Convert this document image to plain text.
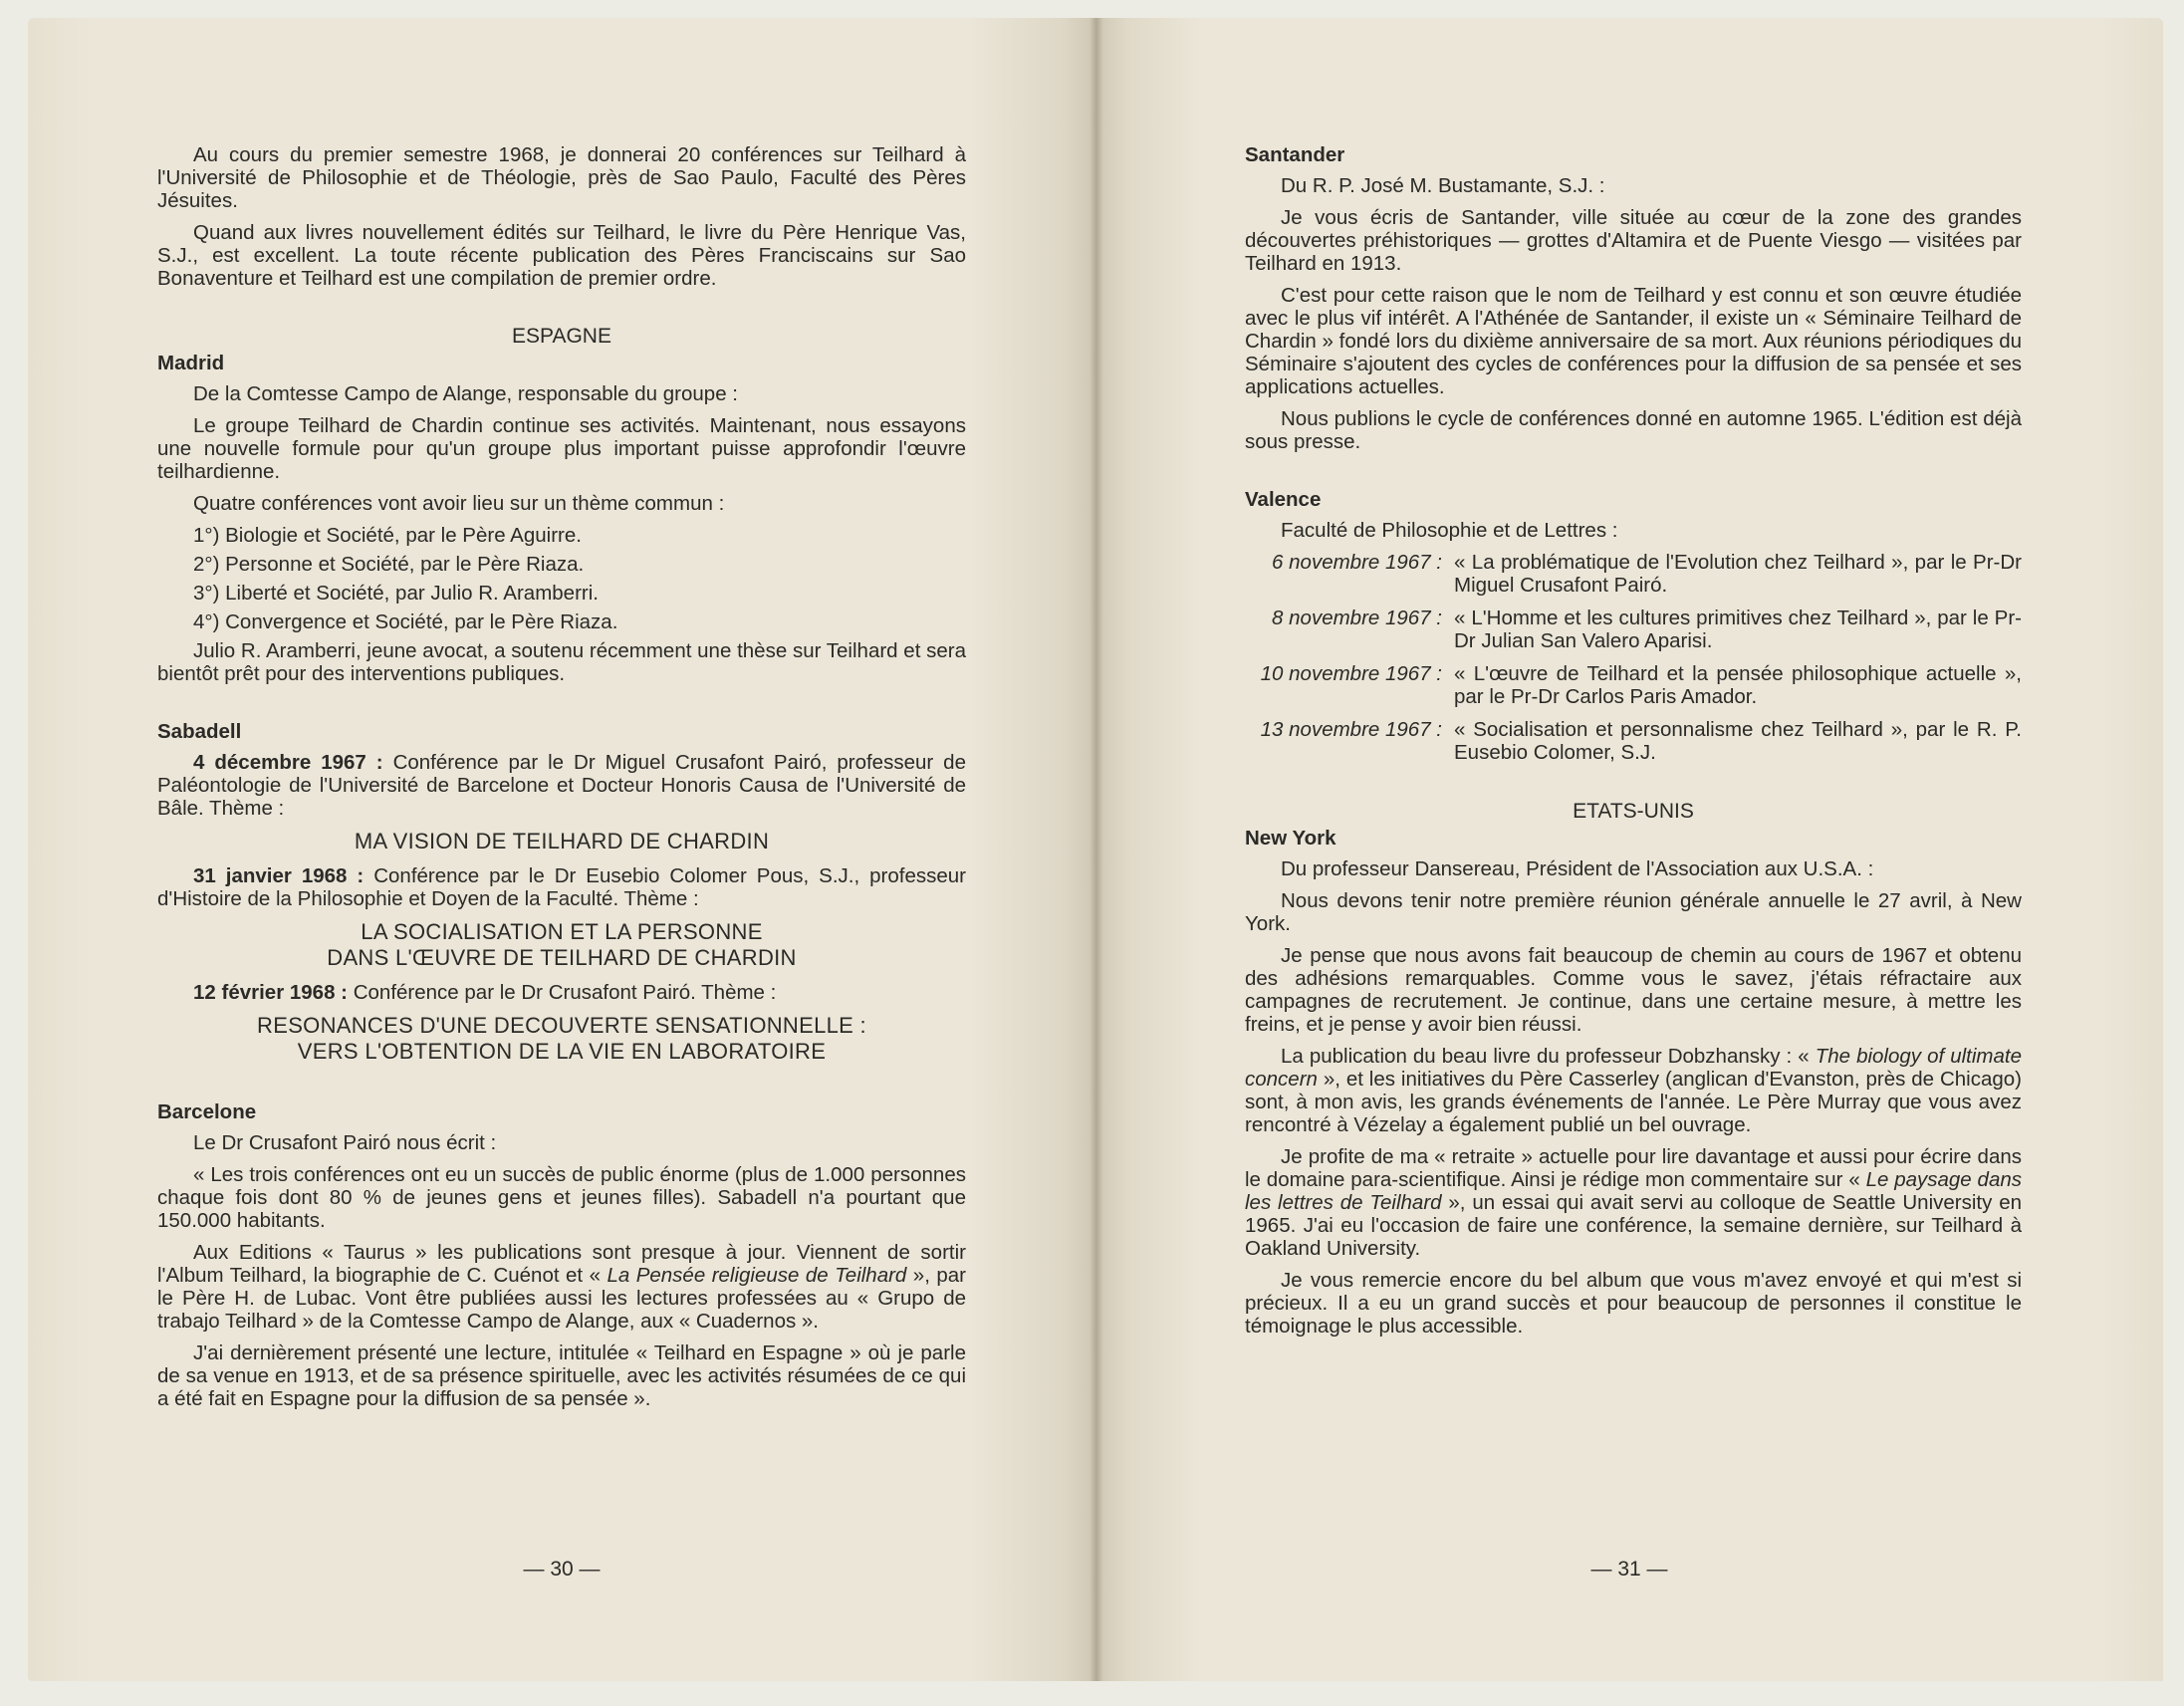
Au cours du premier semestre 1968, je donnerai 20 conférences sur Teilhard à l'Université de Philosophie et de Théologie, près de Sao Paulo, Faculté des Pères Jésuites.

Quand aux livres nouvellement édités sur Teilhard, le livre du Père Henrique Vas, S.J., est excellent. La toute récente publication des Pères Franciscains sur Sao Bonaventure et Teilhard est une compilation de premier ordre.

ESPAGNE
Madrid

De la Comtesse Campo de Alange, responsable du groupe :

Le groupe Teilhard de Chardin continue ses activités. Maintenant, nous essayons une nouvelle formule pour qu'un groupe plus important puisse approfondir l'œuvre teilhardienne.

Quatre conférences vont avoir lieu sur un thème commun :

1°) Biologie et Société, par le Père Aguirre.

2°) Personne et Société, par le Père Riaza.

3°) Liberté et Société, par Julio R. Aramberri.

4°) Convergence et Société, par le Père Riaza.

Julio R. Aramberri, jeune avocat, a soutenu récemment une thèse sur Teilhard et sera bientôt prêt pour des interventions publiques.

Sabadell

4 décembre 1967 : Conférence par le Dr Miguel Crusafont Pairó, professeur de Paléontologie de l'Université de Barcelone et Docteur Honoris Causa de l'Université de Bâle. Thème :

MA VISION DE TEILHARD DE CHARDIN

31 janvier 1968 : Conférence par le Dr Eusebio Colomer Pous, S.J., professeur d'Histoire de la Philosophie et Doyen de la Faculté. Thème :

LA SOCIALISATION ET LA PERSONNE
DANS L'ŒUVRE DE TEILHARD DE CHARDIN

12 février 1968 : Conférence par le Dr Crusafont Pairó. Thème :

RESONANCES D'UNE DECOUVERTE SENSATIONNELLE :
VERS L'OBTENTION DE LA VIE EN LABORATOIRE
Barcelone

Le Dr Crusafont Pairó nous écrit :

« Les trois conférences ont eu un succès de public énorme (plus de 1.000 personnes chaque fois dont 80 % de jeunes gens et jeunes filles). Sabadell n'a pourtant que 150.000 habitants.

Aux Editions « Taurus » les publications sont presque à jour. Viennent de sortir l'Album Teilhard, la biographie de C. Cuénot et « La Pensée religieuse de Teilhard », par le Père H. de Lubac. Vont être publiées aussi les lectures professées au « Grupo de trabajo Teilhard » de la Comtesse Campo de Alange, aux « Cuadernos ».

J'ai dernièrement présenté une lecture, intitulée « Teilhard en Espagne » où je parle de sa venue en 1913, et de sa présence spirituelle, avec les activités résumées de ce qui a été fait en Espagne pour la diffusion de sa pensée ».

— 30 —
Santander

Du R. P. José M. Bustamante, S.J. :

Je vous écris de Santander, ville située au cœur de la zone des grandes découvertes préhistoriques — grottes d'Altamira et de Puente Viesgo — visitées par Teilhard en 1913.

C'est pour cette raison que le nom de Teilhard y est connu et son œuvre étudiée avec le plus vif intérêt. A l'Athénée de Santander, il existe un « Séminaire Teilhard de Chardin » fondé lors du dixième anniversaire de sa mort. Aux réunions périodiques du Séminaire s'ajoutent des cycles de conférences pour la diffusion de sa pensée et ses applications actuelles.

Nous publions le cycle de conférences donné en automne 1965. L'édition est déjà sous presse.

Valence

Faculté de Philosophie et de Lettres :

6 novembre 1967 : « La problématique de l'Evolution chez Teilhard », par le Pr-Dr Miguel Crusafont Pairó.
8 novembre 1967 : « L'Homme et les cultures primitives chez Teilhard », par le Pr-Dr Julian San Valero Aparisi.
10 novembre 1967 : « L'œuvre de Teilhard et la pensée philosophique actuelle », par le Pr-Dr Carlos Paris Amador.
13 novembre 1967 : « Socialisation et personnalisme chez Teilhard », par le R. P. Eusebio Colomer, S.J.
ETATS-UNIS
New York

Du professeur Dansereau, Président de l'Association aux U.S.A. :

Nous devons tenir notre première réunion générale annuelle le 27 avril, à New York.

Je pense que nous avons fait beaucoup de chemin au cours de 1967 et obtenu des adhésions remarquables. Comme vous le savez, j'étais réfractaire aux campagnes de recrutement. Je continue, dans une certaine mesure, à mettre les freins, et je pense y avoir bien réussi.

La publication du beau livre du professeur Dobzhansky : « The biology of ultimate concern », et les initiatives du Père Casserley (anglican d'Evanston, près de Chicago) sont, à mon avis, les grands événements de l'année. Le Père Murray que vous avez rencontré à Vézelay a également publié un bel ouvrage.

Je profite de ma « retraite » actuelle pour lire davantage et aussi pour écrire dans le domaine para-scientifique. Ainsi je rédige mon commentaire sur « Le paysage dans les lettres de Teilhard », un essai qui avait servi au colloque de Seattle University en 1965. J'ai eu l'occasion de faire une conférence, la semaine dernière, sur Teilhard à Oakland University.

Je vous remercie encore du bel album que vous m'avez envoyé et qui m'est si précieux. Il a eu un grand succès et pour beaucoup de personnes il constitue le témoignage le plus accessible.

— 31 —
